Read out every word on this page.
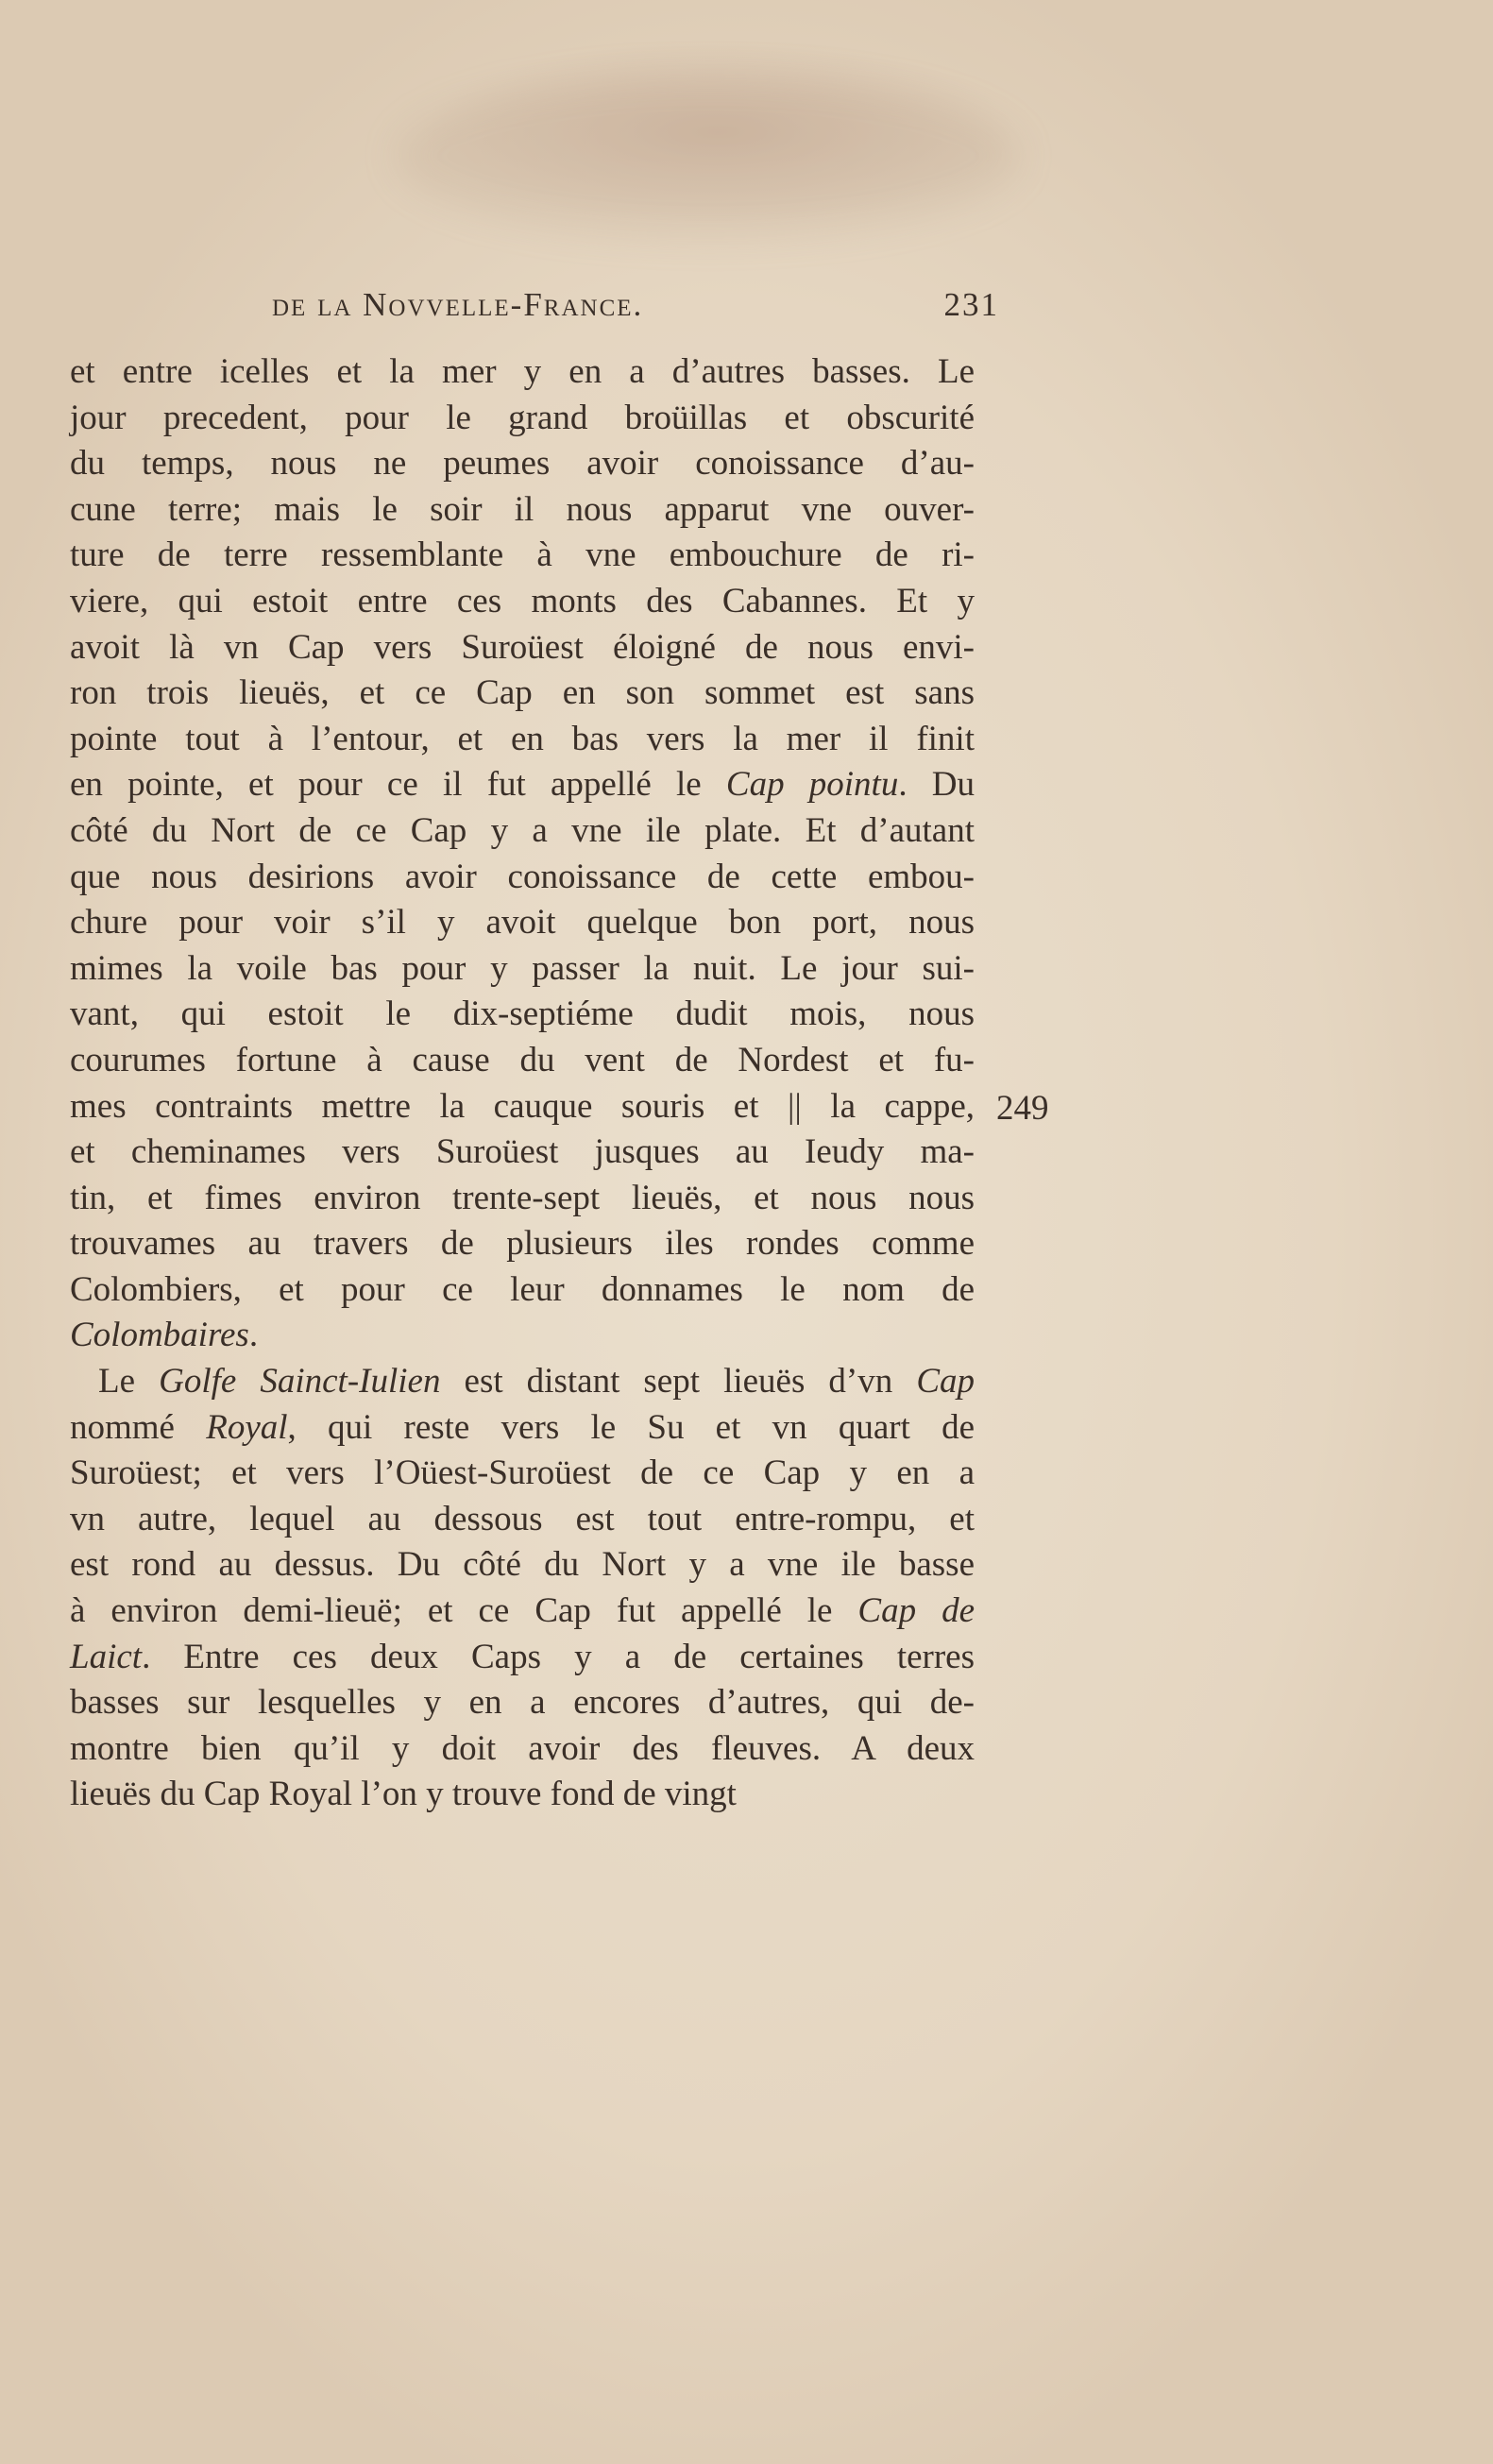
de la Novvelle-France.	231
et entre icelles et la mer y en a d’autres basses. Le
jour precedent, pour le grand broüillas et obscurité
du temps, nous ne peumes avoir conoissance d’au-
cune terre; mais le soir il nous apparut vne ouver-
ture de terre ressemblante à vne embouchure de ri-
viere, qui estoit entre ces monts des Cabannes. Et y
avoit là vn Cap vers Suroüest éloigné de nous envi-
ron trois lieuës, et ce Cap en son sommet est sans
pointe tout à l’entour, et en bas vers la mer il finit
en pointe, et pour ce il fut appellé le Cap pointu. Du
côté du Nort de ce Cap y a vne ile plate. Et d’autant
que nous desirions avoir conoissance de cette embou-
chure pour voir s’il y avoit quelque bon port, nous
mimes la voile bas pour y passer la nuit. Le jour sui-
vant, qui estoit le dix-septiéme dudit mois, nous
courumes fortune à cause du vent de Nordest et fu-
mes contraints mettre la cauque souris et || la cappe,
et cheminames vers Suroüest jusques au Ieudy ma-
tin, et fimes environ trente-sept lieuës, et nous nous
trouvames au travers de plusieurs iles rondes comme
Colombiers, et pour ce leur donnames le nom de
Colombaires.
Le Golfe Sainct-Iulien est distant sept lieuës d’vn Cap
nommé Royal, qui reste vers le Su et vn quart de
Suroüest; et vers l’Oüest-Suroüest de ce Cap y en a
vn autre, lequel au dessous est tout entre-rompu, et
est rond au dessus. Du côté du Nort y a vne ile basse
à environ demi-lieuë; et ce Cap fut appellé le Cap de
Laict. Entre ces deux Caps y a de certaines terres
basses sur lesquelles y en a encores d’autres, qui de-
montre bien qu’il y doit avoir des fleuves. A deux
lieuës du Cap Royal l’on y trouve fond de vingt
249
